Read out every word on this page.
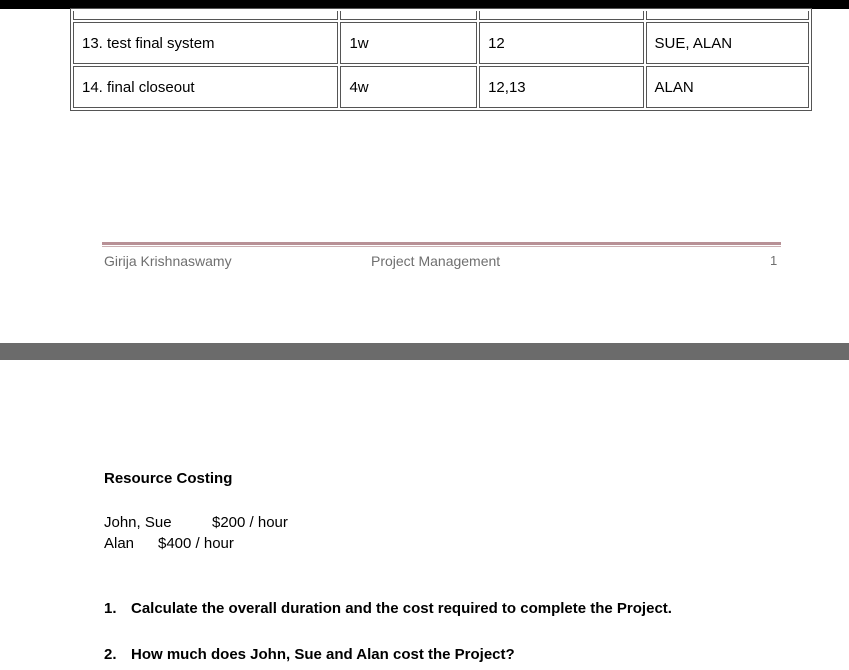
13. test final system	1w	12	SUE, ALAN
14. final closeout	4w	12,13	ALAN
Girija Krishnaswamy	Project Management	1
Resource Costing
John, Sue	$200 / hour
Alan $400 / hour
1. Calculate the overall duration and the cost required to complete the Project.
2. How much does John, Sue and Alan cost the Project?
